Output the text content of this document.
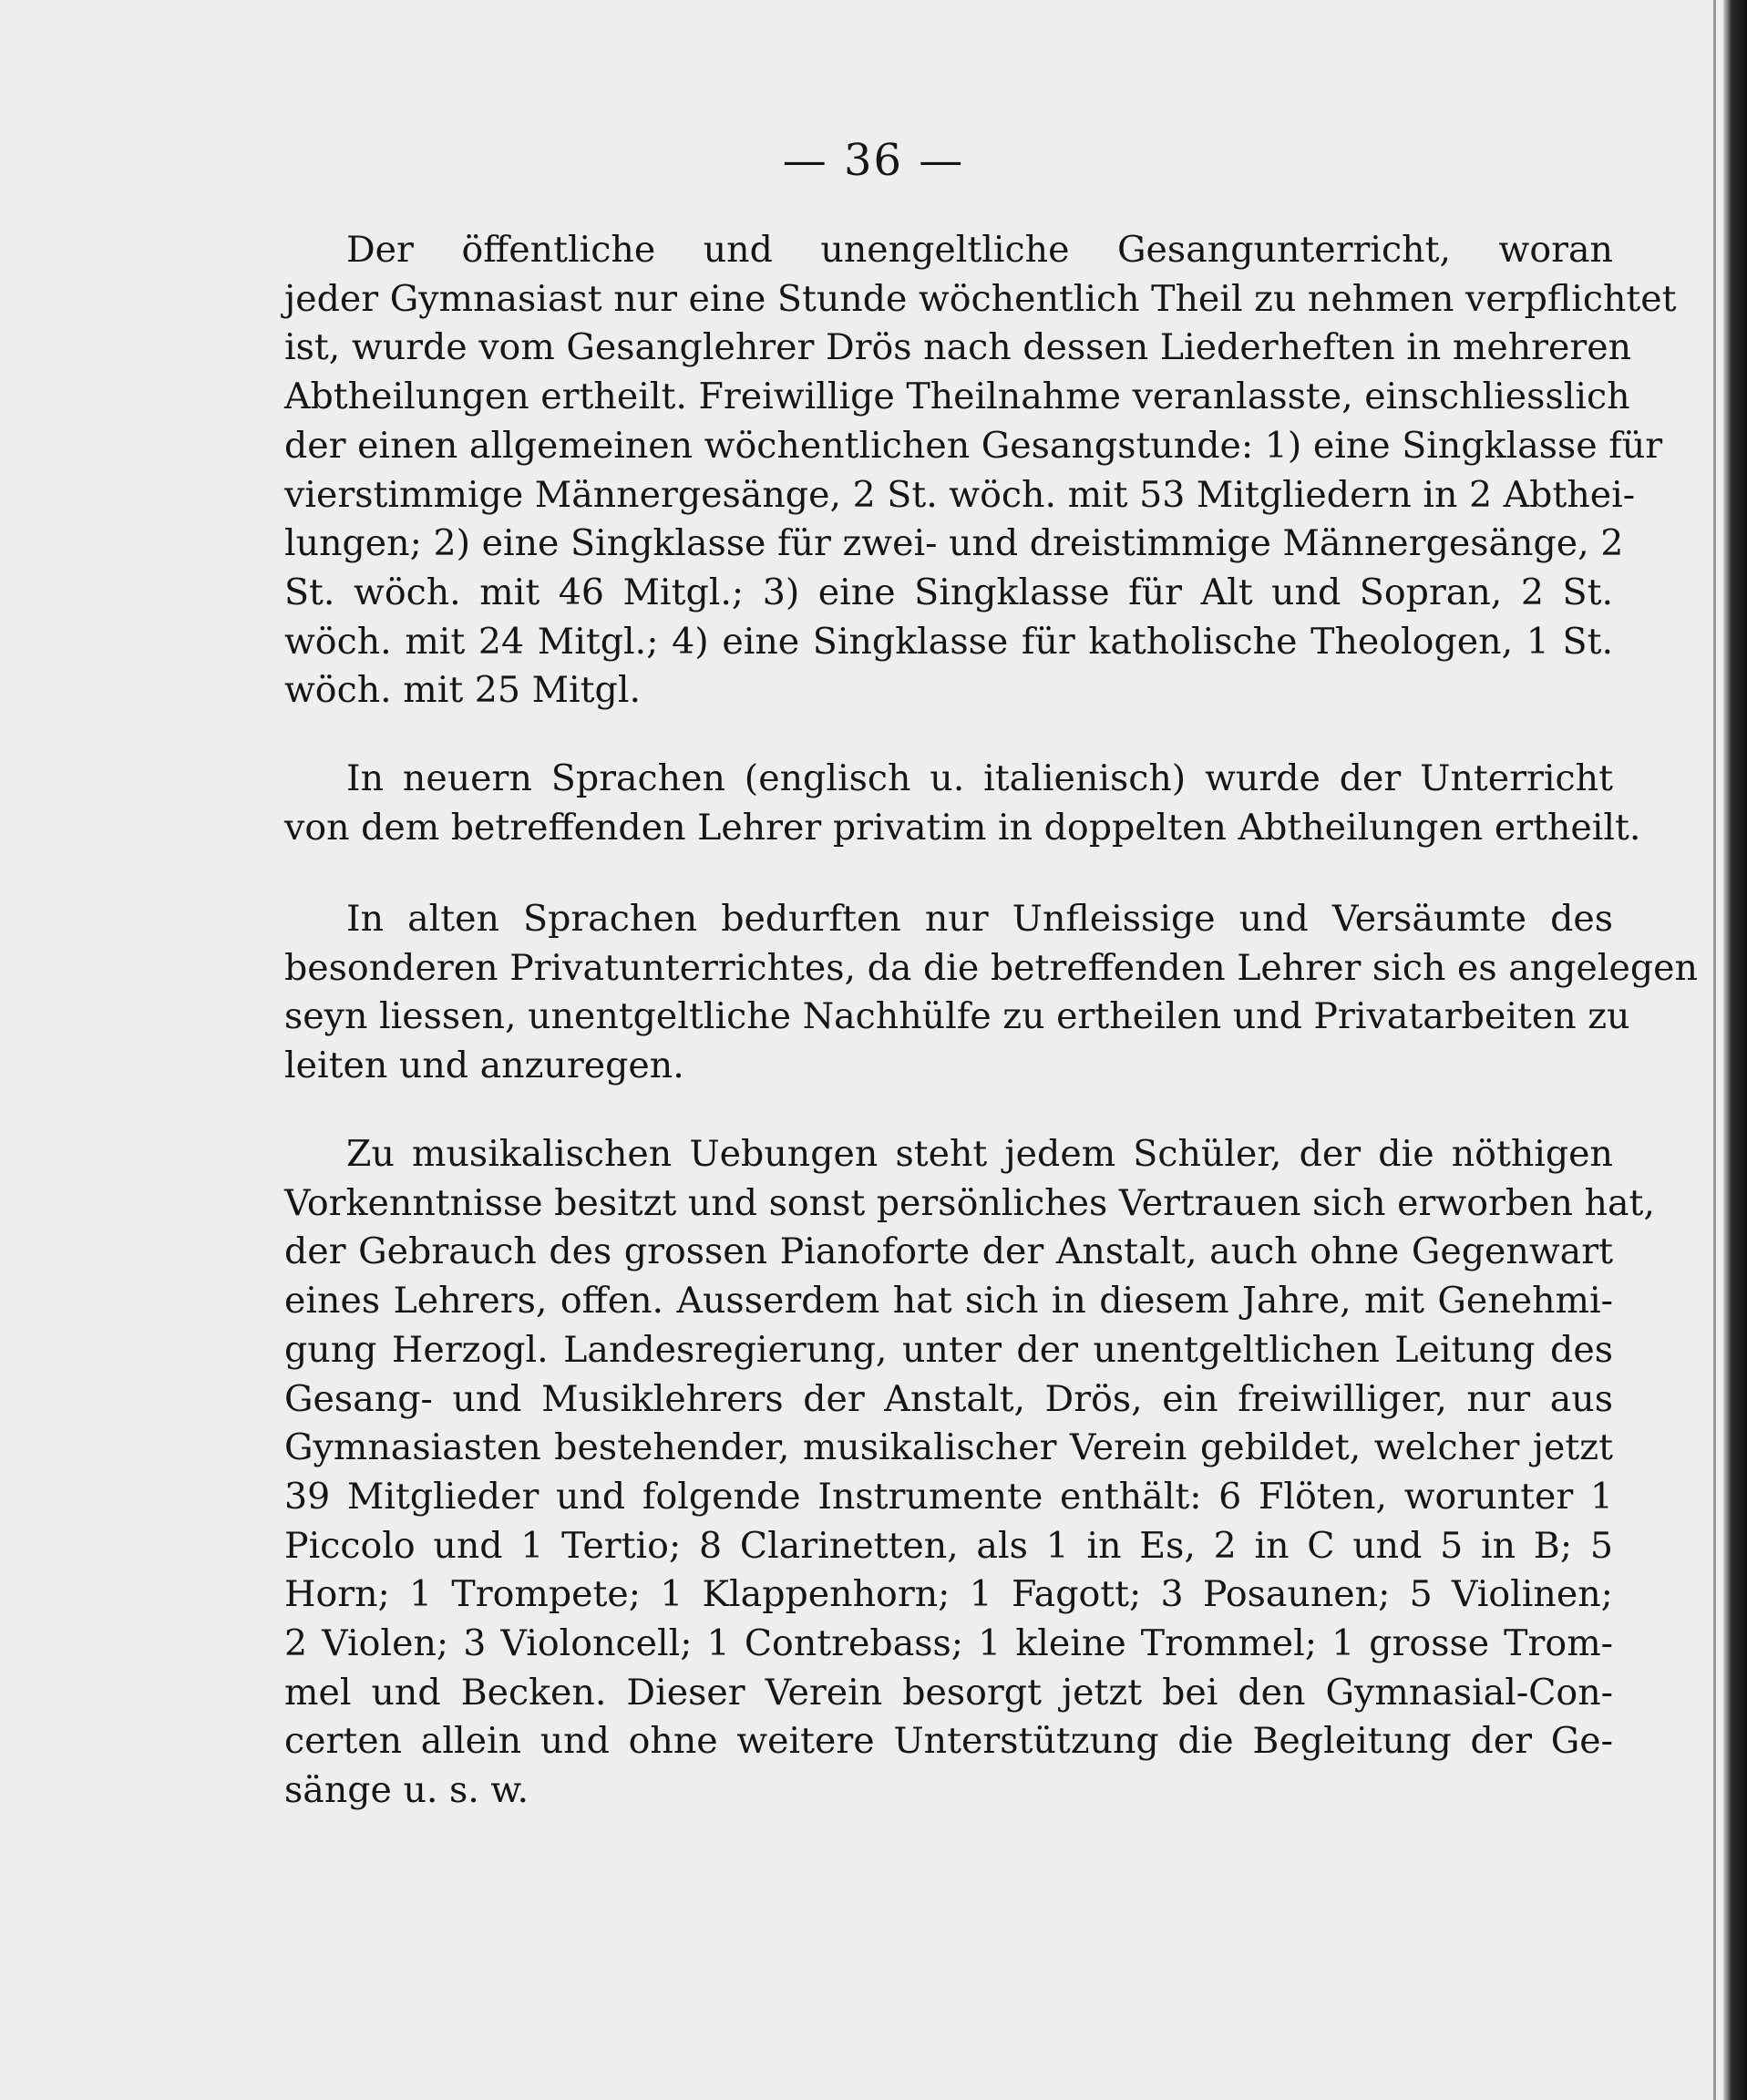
— 36 —
Der öffentliche und unengeltliche Gesangunterricht, woran
jeder Gymnasiast nur eine Stunde wöchentlich Theil zu nehmen verpflichtet
ist, wurde vom Gesanglehrer Drös nach dessen Liederheften in mehreren
Abtheilungen ertheilt. Freiwillige Theilnahme veranlasste, einschliesslich
der einen allgemeinen wöchentlichen Gesangstunde: 1) eine Singklasse für
vierstimmige Männergesänge, 2 St. wöch. mit 53 Mitgliedern in 2 Abthei-
lungen; 2) eine Singklasse für zwei- und dreistimmige Männergesänge, 2
St. wöch. mit 46 Mitgl.; 3) eine Singklasse für Alt und Sopran, 2 St.
wöch. mit 24 Mitgl.; 4) eine Singklasse für katholische Theologen, 1 St.
wöch. mit 25 Mitgl.
In neuern Sprachen (englisch u. italienisch) wurde der Unterricht
von dem betreffenden Lehrer privatim in doppelten Abtheilungen ertheilt.
In alten Sprachen bedurften nur Unfleissige und Versäumte des
besonderen Privatunterrichtes, da die betreffenden Lehrer sich es angelegen
seyn liessen, unentgeltliche Nachhülfe zu ertheilen und Privatarbeiten zu
leiten und anzuregen.
Zu musikalischen Uebungen steht jedem Schüler, der die nöthigen
Vorkenntnisse besitzt und sonst persönliches Vertrauen sich erworben hat,
der Gebrauch des grossen Pianoforte der Anstalt, auch ohne Gegenwart
eines Lehrers, offen. Ausserdem hat sich in diesem Jahre, mit Genehmi-
gung Herzogl. Landesregierung, unter der unentgeltlichen Leitung des
Gesang- und Musiklehrers der Anstalt, Drös, ein freiwilliger, nur aus
Gymnasiasten bestehender, musikalischer Verein gebildet, welcher jetzt
39 Mitglieder und folgende Instrumente enthält: 6 Flöten, worunter 1
Piccolo und 1 Tertio; 8 Clarinetten, als 1 in Es, 2 in C und 5 in B; 5
Horn; 1 Trompete; 1 Klappenhorn; 1 Fagott; 3 Posaunen; 5 Violinen;
2 Violen; 3 Violoncell; 1 Contrebass; 1 kleine Trommel; 1 grosse Trom-
mel und Becken. Dieser Verein besorgt jetzt bei den Gymnasial-Con-
certen allein und ohne weitere Unterstützung die Begleitung der Ge-
sänge u. s. w.
